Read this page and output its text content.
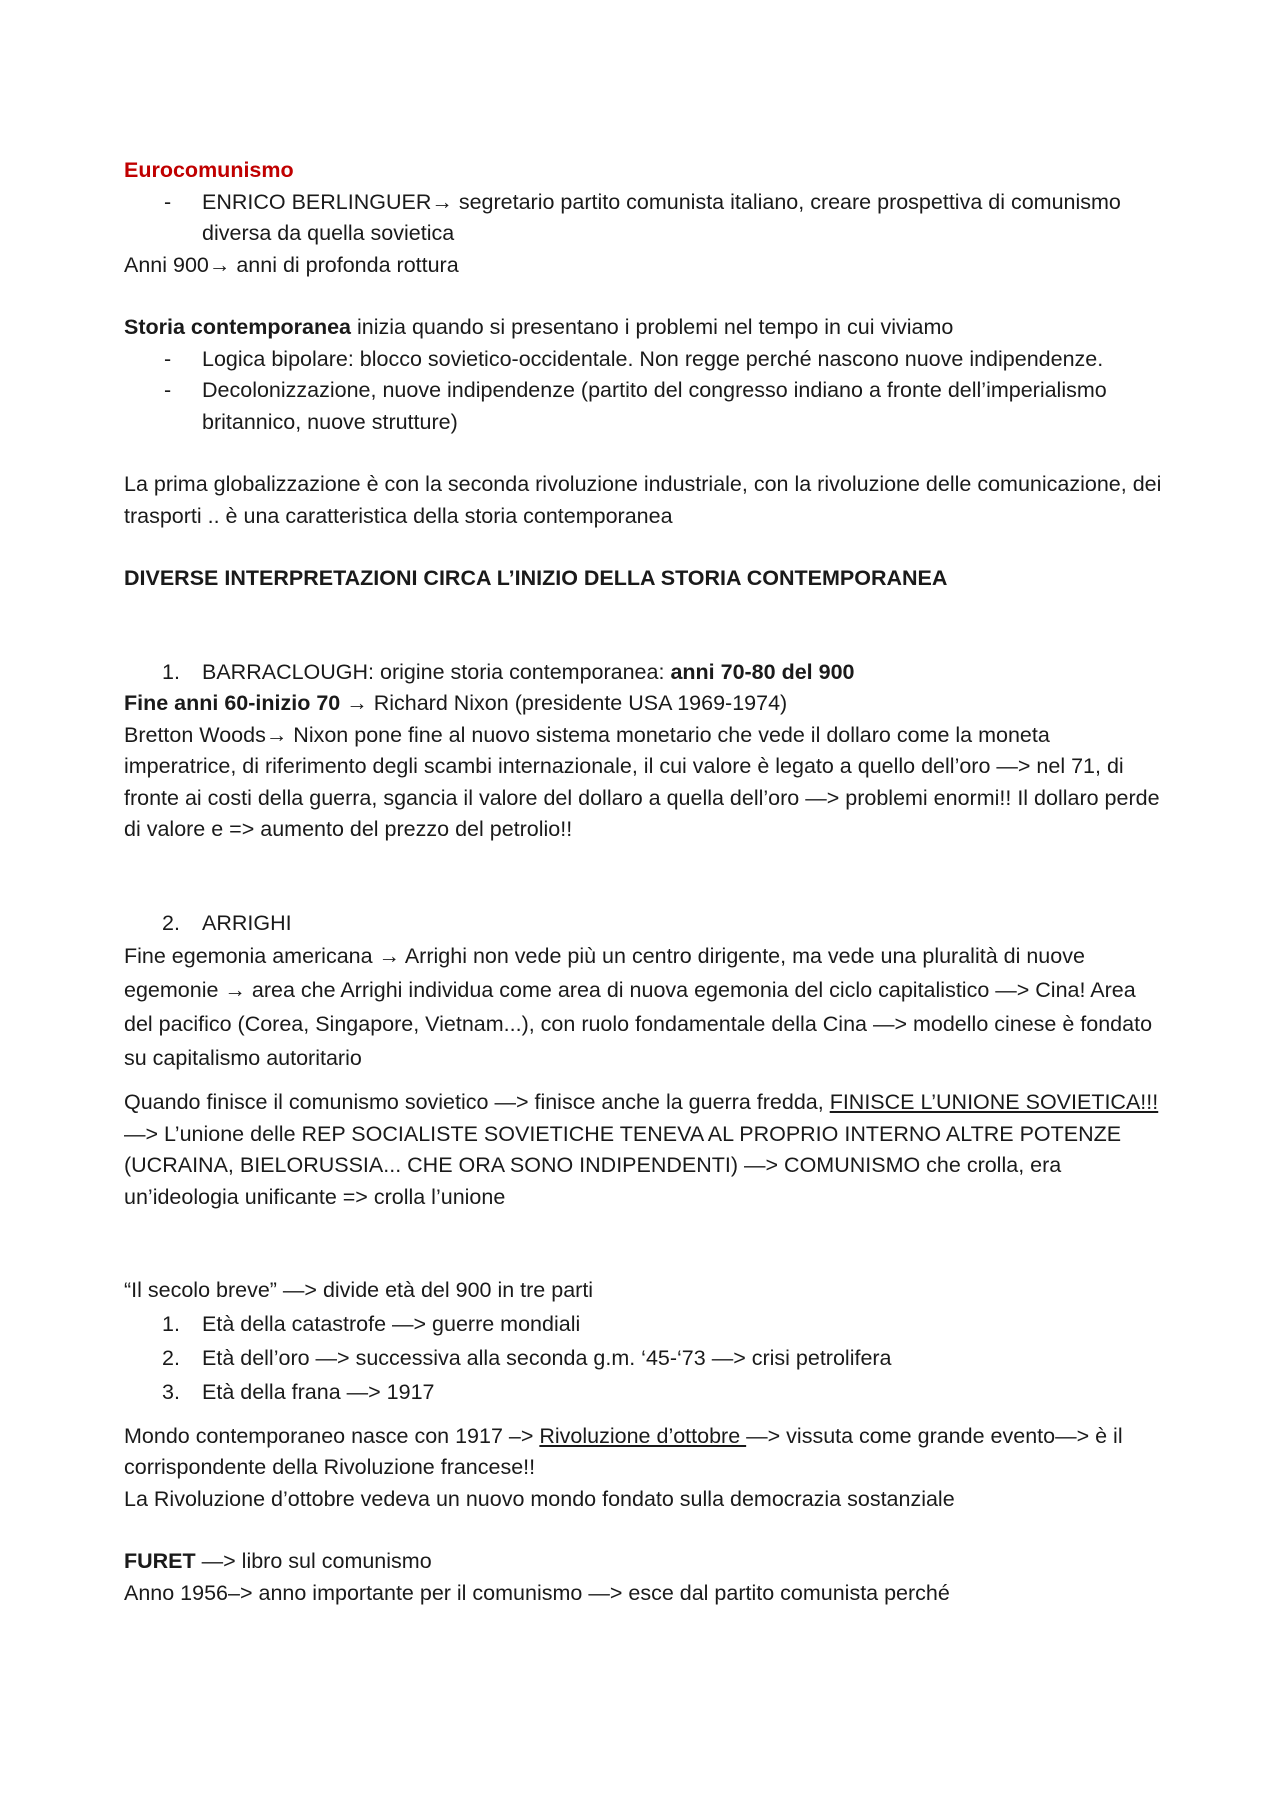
Eurocomunismo

- ENRICO BERLINGUER→ segretario partito comunista italiano, creare prospettiva di comunismo diversa da quella sovietica

Anni 900→ anni di profonda rottura

Storia contemporanea inizia quando si presentano i problemi nel tempo in cui viviamo

- Logica bipolare: blocco sovietico-occidentale. Non regge perché nascono nuove indipendenze.
- Decolonizzazione, nuove indipendenze (partito del congresso indiano a fronte dell’imperialismo britannico, nuove strutture)

La prima globalizzazione è con la seconda rivoluzione industriale, con la rivoluzione delle comunicazione, dei trasporti .. è una caratteristica della storia contemporanea

DIVERSE INTERPRETAZIONI CIRCA L’INIZIO DELLA STORIA CONTEMPORANEA

1. BARRACLOUGH: origine storia contemporanea: anni 70-80 del 900

Fine anni 60-inizio 70 → Richard Nixon (presidente USA 1969-1974)

Bretton Woods→ Nixon pone fine al nuovo sistema monetario che vede il dollaro come la moneta imperatrice, di riferimento degli scambi internazionale, il cui valore è legato a quello dell’oro —> nel 71, di fronte ai costi della guerra, sgancia il valore del dollaro a quella dell’oro —> problemi enormi!! Il dollaro perde di valore e => aumento del prezzo del petrolio!!

2. ARRIGHI

Fine egemonia americana → Arrighi non vede più un centro dirigente, ma vede una pluralità di nuove egemonie → area che Arrighi individua come area di nuova egemonia del ciclo capitalistico —> Cina! Area del pacifico (Corea, Singapore, Vietnam...), con ruolo fondamentale della Cina —> modello cinese è fondato su capitalismo autoritario

Quando finisce il comunismo sovietico —> finisce anche la guerra fredda, FINISCE L’UNIONE SOVIETICA!!! —> L’unione delle REP SOCIALISTE SOVIETICHE TENEVA AL PROPRIO INTERNO ALTRE POTENZE (UCRAINA, BIELORUSSIA... CHE ORA SONO INDIPENDENTI) —> COMUNISMO che crolla, era un’ideologia unificante => crolla l’unione

“Il secolo breve” —> divide età del 900 in tre parti

1. Età della catastrofe —> guerre mondiali
2. Età dell’oro —> successiva alla seconda g.m. ‘45-‘73 —> crisi petrolifera
3. Età della frana —> 1917

Mondo contemporaneo nasce con 1917 –> Rivoluzione d’ottobre —> vissuta come grande evento—> è il corrispondente della Rivoluzione francese!!

La Rivoluzione d’ottobre vedeva un nuovo mondo fondato sulla democrazia sostanziale

FURET —> libro sul comunismo

Anno 1956–> anno importante per il comunismo —> esce dal partito comunista perché
